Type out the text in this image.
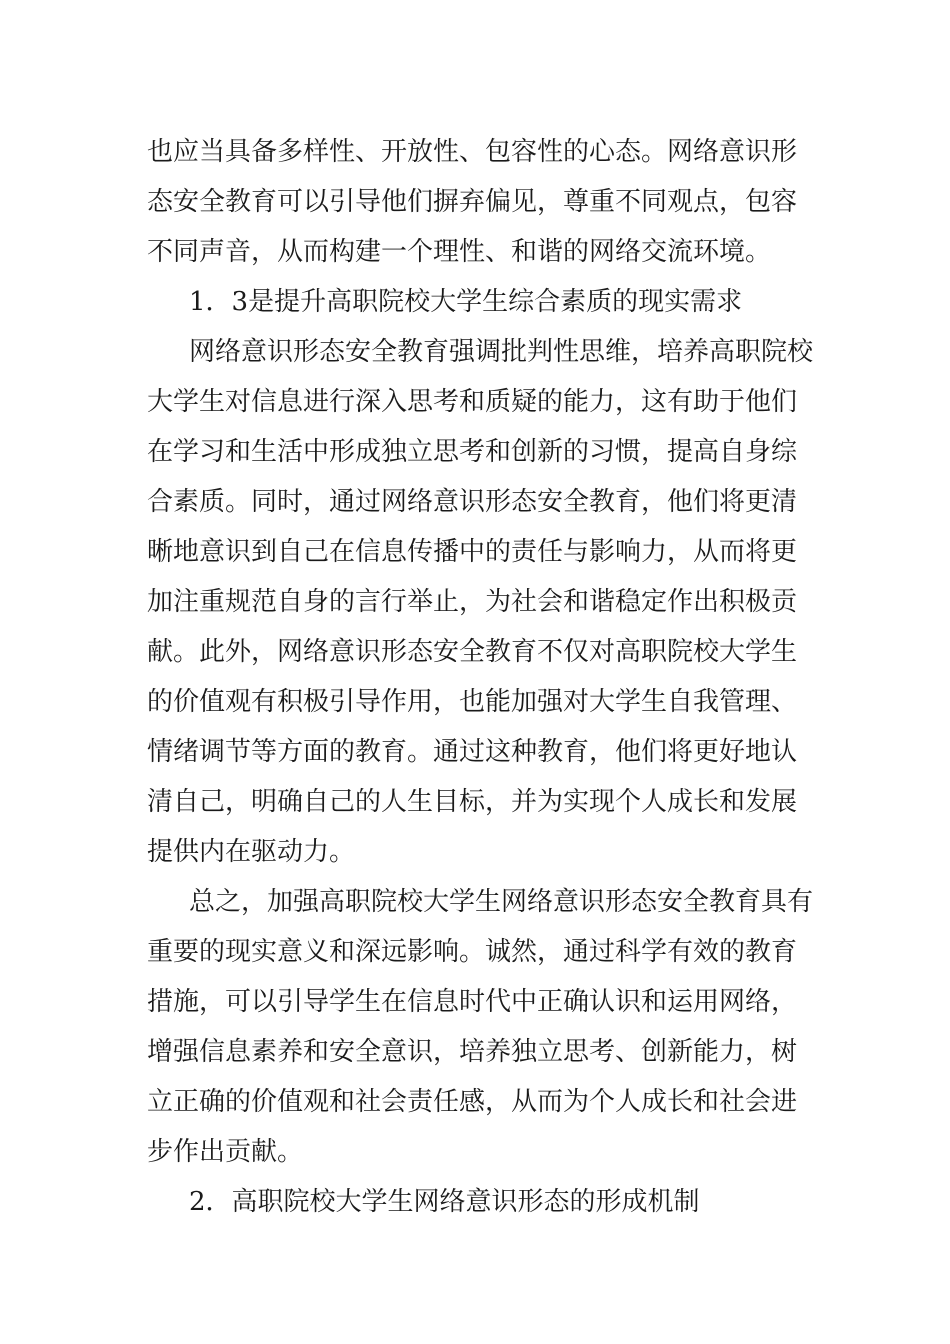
也应当具备多样性、开放性、包容性的心态。网络意识形
态安全教育可以引导他们摒弃偏见，尊重不同观点，包容
不同声音，从而构建一个理性、和谐的网络交流环境。
1．3是提升高职院校大学生综合素质的现实需求
网络意识形态安全教育强调批判性思维，培养高职院校
大学生对信息进行深入思考和质疑的能力，这有助于他们
在学习和生活中形成独立思考和创新的习惯，提高自身综
合素质。同时，通过网络意识形态安全教育，他们将更清
晰地意识到自己在信息传播中的责任与影响力，从而将更
加注重规范自身的言行举止，为社会和谐稳定作出积极贡
献。此外，网络意识形态安全教育不仅对高职院校大学生
的价值观有积极引导作用，也能加强对大学生自我管理、
情绪调节等方面的教育。通过这种教育，他们将更好地认
清自己，明确自己的人生目标，并为实现个人成长和发展
提供内在驱动力。
总之，加强高职院校大学生网络意识形态安全教育具有
重要的现实意义和深远影响。诚然，通过科学有效的教育
措施，可以引导学生在信息时代中正确认识和运用网络，
增强信息素养和安全意识，培养独立思考、创新能力，树
立正确的价值观和社会责任感，从而为个人成长和社会进
步作出贡献。
2．高职院校大学生网络意识形态的形成机制
